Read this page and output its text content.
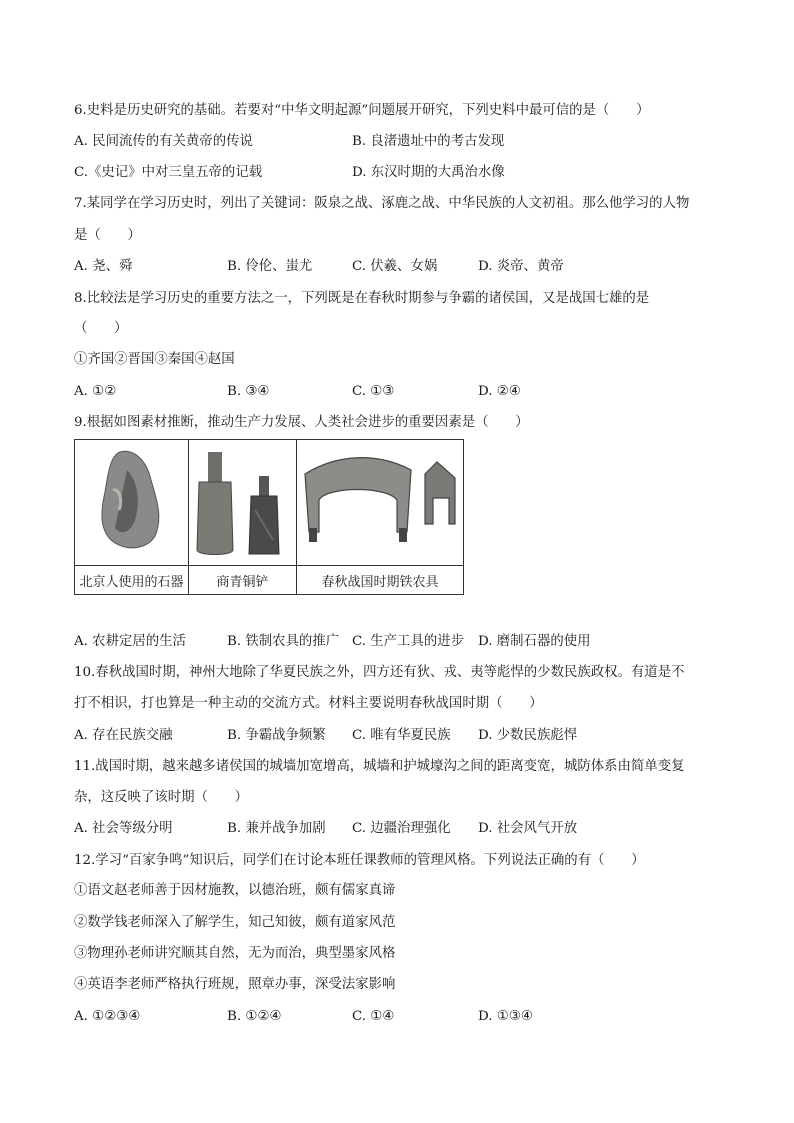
6.史料是历史研究的基础。若要对“中华文明起源”问题展开研究，下列史料中最可信的是（　　）
A. 民间流传的有关黄帝的传说	B. 良渚遗址中的考古发现
C.《史记》中对三皇五帝的记载	D. 东汉时期的大禹治水像
7.某同学在学习历史时，列出了关键词：阪泉之战、涿鹿之战、中华民族的人文初祖。那么他学习的人物
是（　　）
A. 尧、舜	B. 伶伦、蚩尤	C. 伏羲、女娲	D. 炎帝、黄帝
8.比较法是学习历史的重要方法之一，下列既是在春秋时期参与争霸的诸侯国，又是战国七雄的是
（　　）
①齐国②晋国③秦国④赵国
A. ①②	B. ③④	C. ①③	D. ②④
9.根据如图素材推断，推动生产力发展、人类社会进步的重要因素是（　　）

北京人使用的石器	商青铜铲	春秋战国时期铁农具
A. 农耕定居的生活	B. 铁制农具的推广 C. 生产工具的进步 D. 磨制石器的使用
10.春秋战国时期，神州大地除了华夏民族之外，四方还有狄、戎、夷等彪悍的少数民族政权。有道是不
打不相识，打也算是一种主动的交流方式。材料主要说明春秋战国时期（　　）
A. 存在民族交融	B. 争霸战争频繁 C. 唯有华夏民族 D. 少数民族彪悍
11.战国时期，越来越多诸侯国的城墙加宽增高，城墙和护城壕沟之间的距离变宽，城防体系由简单变复
杂，这反映了该时期（　　）
A. 社会等级分明	B. 兼并战争加剧 C. 边疆治理强化 D. 社会风气开放
12.学习“百家争鸣”知识后，同学们在讨论本班任课教师的管理风格。下列说法正确的有（　　）
①语文赵老师善于因材施教，以德治班，颇有儒家真谛
②数学钱老师深入了解学生，知己知彼，颇有道家风范
③物理孙老师讲究顺其自然，无为而治，典型墨家风格
④英语李老师严格执行班规，照章办事，深受法家影响
A. ①②③④	B. ①②④	C. ①④	D. ①③④
